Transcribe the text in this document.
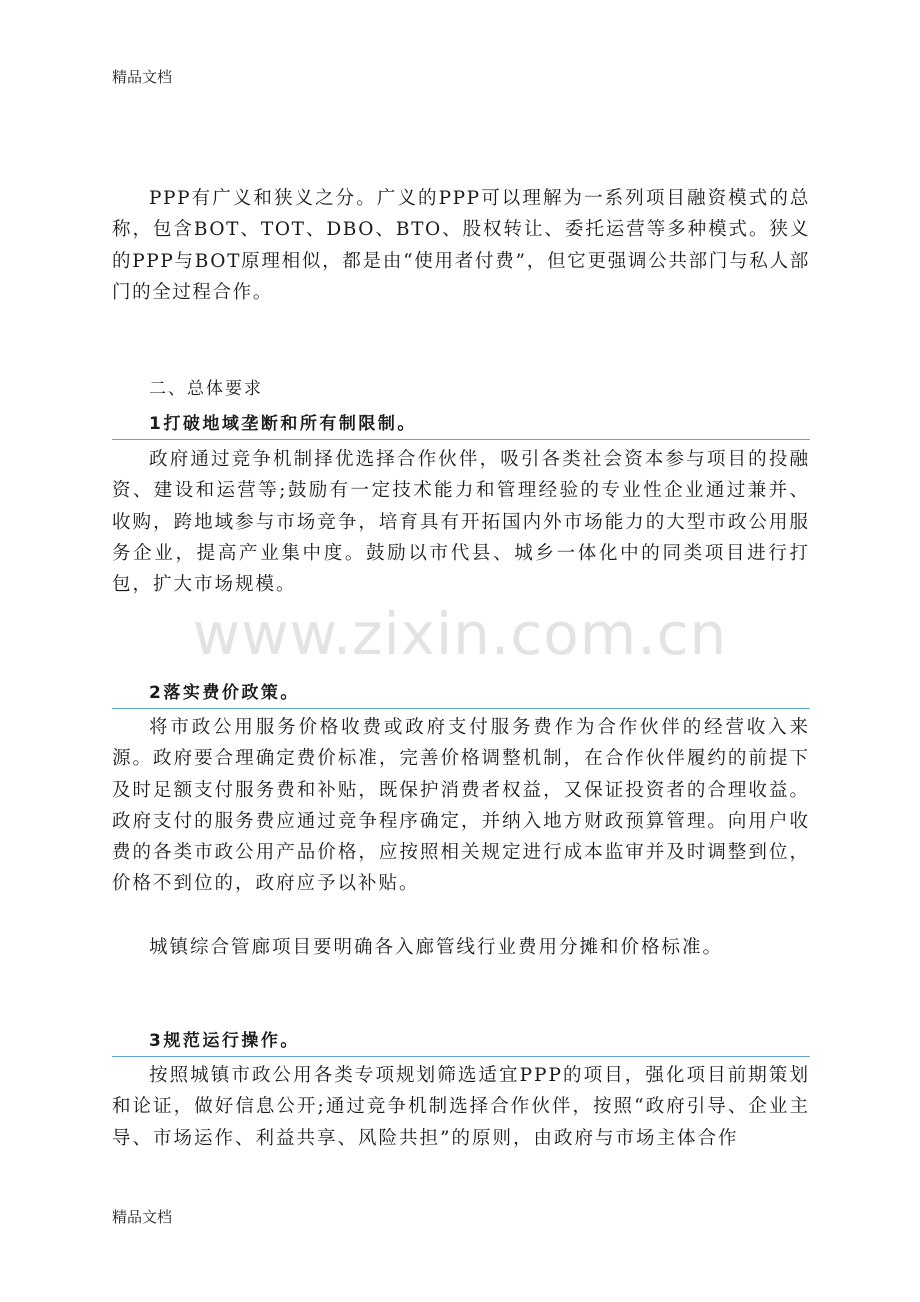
精品文档

PPP有广义和狭义之分。广义的PPP可以理解为一系列项目融资模式的总称，包含BOT、TOT、DBO、BTO、股权转让、委托运营等多种模式。狭义的PPP与BOT原理相似，都是由“使用者付费”，但它更强调公共部门与私人部门的全过程合作。

二、总体要求
1打破地域垄断和所有制限制。

政府通过竞争机制择优选择合作伙伴，吸引各类社会资本参与项目的投融资、建设和运营等;鼓励有一定技术能力和管理经验的专业性企业通过兼并、收购，跨地域参与市场竞争，培育具有开拓国内外市场能力的大型市政公用服务企业，提高产业集中度。鼓励以市代县、城乡一体化中的同类项目进行打包，扩大市场规模。

www.zixin.com.cn
2落实费价政策。

将市政公用服务价格收费或政府支付服务费作为合作伙伴的经营收入来源。政府要合理确定费价标准，完善价格调整机制，在合作伙伴履约的前提下及时足额支付服务费和补贴，既保护消费者权益，又保证投资者的合理收益。政府支付的服务费应通过竞争程序确定，并纳入地方财政预算管理。向用户收费的各类市政公用产品价格，应按照相关规定进行成本监审并及时调整到位，价格不到位的，政府应予以补贴。

城镇综合管廊项目要明确各入廊管线行业费用分摊和价格标准。

3规范运行操作。

按照城镇市政公用各类专项规划筛选适宜PPP的项目，强化项目前期策划和论证，做好信息公开;通过竞争机制选择合作伙伴，按照“政府引导、企业主导、市场运作、利益共享、风险共担”的原则，由政府与市场主体合作

精品文档
